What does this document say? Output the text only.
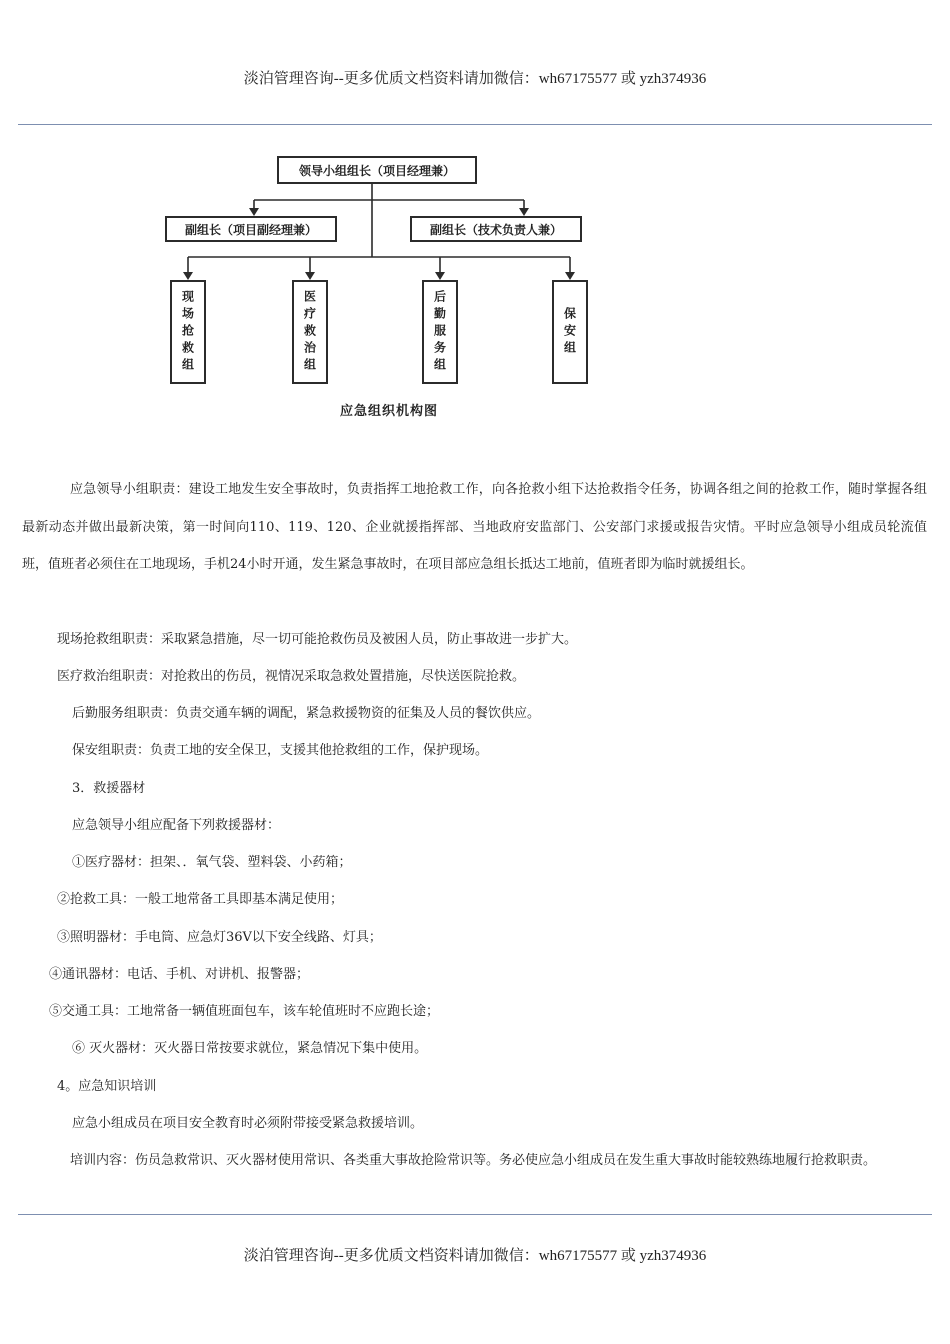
淡泊管理咨询--更多优质文档资料请加微信：wh67175577 或 yzh374936
领导小组组长（项目经理兼）
副组长（项目副经理兼）	副组长（技术负责人兼）
现场抢救组	医疗救治组	后勤服务组	保安组
应急组织机构图
应急领导小组职责：建设工地发生安全事故时，负责指挥工地抢救工作，向各抢救小组下达抢救指令任务，协调各组之间的抢救工作，随时掌握各组最新动态并做出最新决策，第一时间向110、119、120、企业就援指挥部、当地政府安监部门、公安部门求援或报告灾情。平时应急领导小组成员轮流值班，值班者必须住在工地现场，手机24小时开通，发生紧急事故时，在项目部应急组长抵达工地前，值班者即为临时就援组长。
现场抢救组职责：采取紧急措施，尽一切可能抢救伤员及被困人员，防止事故进一步扩大。
医疗救治组职责：对抢救出的伤员，视情况采取急救处置措施，尽快送医院抢救。
后勤服务组职责：负责交通车辆的调配，紧急救援物资的征集及人员的餐饮供应。
保安组职责：负责工地的安全保卫，支援其他抢救组的工作，保护现场。
3．救援器材
应急领导小组应配备下列救援器材：
①医疗器材：担架、．氧气袋、塑料袋、小药箱；
②抢救工具：一般工地常备工具即基本满足使用；
③照明器材：手电筒、应急灯36V以下安全线路、灯具；
④通讯器材：电话、手机、对讲机、报警器；
⑤交通工具：工地常备一辆值班面包车，该车轮值班时不应跑长途；
⑥ 灭火器材：灭火器日常按要求就位，紧急情况下集中使用。
4。应急知识培训
应急小组成员在项目安全教育时必须附带接受紧急救援培训。
培训内容：伤员急救常识、灭火器材使用常识、各类重大事故抢险常识等。务必使应急小组成员在发生重大事故时能较熟练地履行抢救职责。
淡泊管理咨询--更多优质文档资料请加微信：wh67175577 或 yzh374936
